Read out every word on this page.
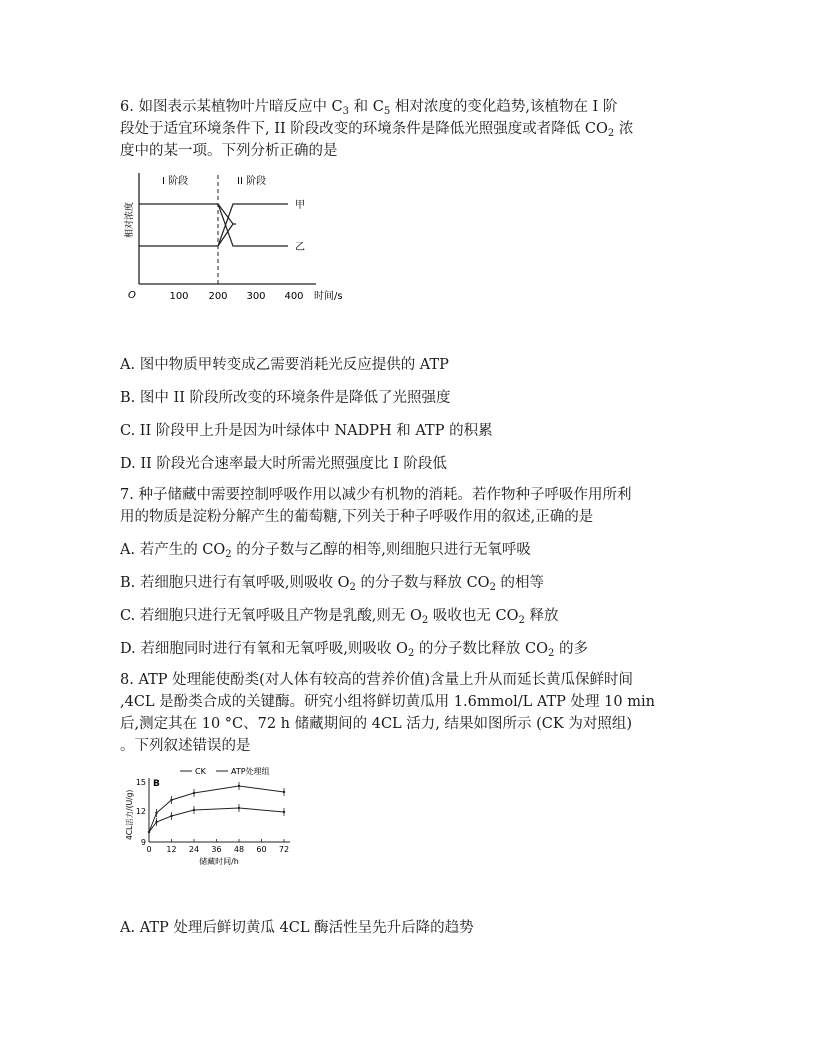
6. 如图表示某植物叶片暗反应中 $C_3$ 和 $C_5$ 相对浓度的变化趋势,该植物在 I 阶
段处于适宜环境条件下, II 阶段改变的环境条件是降低光照强度或者降低 $CO_2$ 浓
度中的某一项。下列分析正确的是
相对浓度
I 阶段	II 阶段
甲
乙
O	100 200 300 400 时间/s
A. 图中物质甲转变成乙需要消耗光反应提供的 ATP
B. 图中 II 阶段所改变的环境条件是降低了光照强度
C. II 阶段甲上升是因为叶绿体中 NADPH 和 ATP 的积累
D. II 阶段光合速率最大时所需光照强度比 I 阶段低
7. 种子储藏中需要控制呼吸作用以减少有机物的消耗。若作物种子呼吸作用所利
用的物质是淀粉分解产生的葡萄糖,下列关于种子呼吸作用的叙述,正确的是
A. 若产生的 $CO_2$ 的分子数与乙醇的相等,则细胞只进行无氧呼吸
B. 若细胞只进行有氧呼吸,则吸收 $O_2$ 的分子数与释放 $CO_2$ 的相等
C. 若细胞只进行无氧呼吸且产物是乳酸,则无 $O_2$ 吸收也无 $CO_2$ 释放
D. 若细胞同时进行有氧和无氧呼吸,则吸收 $O_2$ 的分子数比释放 $CO_2$ 的多
8. ATP 处理能使酚类(对人体有较高的营养价值)含量上升从而延长黄瓜保鲜时间
,4CL 是酚类合成的关键酶。研究小组将鲜切黄瓜用 1.6mmol/L ATP 处理 10 min
后,测定其在 10 °C、72 h 储藏期间的 4CL 活力, 结果如图所示 (CK 为对照组)
。下列叙述错误的是
CK	ATP处理组
B
4CL活力/(U/g)
15
12
9
0 12 24 36 48 60 72
储藏时间/h
A. ATP 处理后鲜切黄瓜 4CL 酶活性呈先升后降的趋势
